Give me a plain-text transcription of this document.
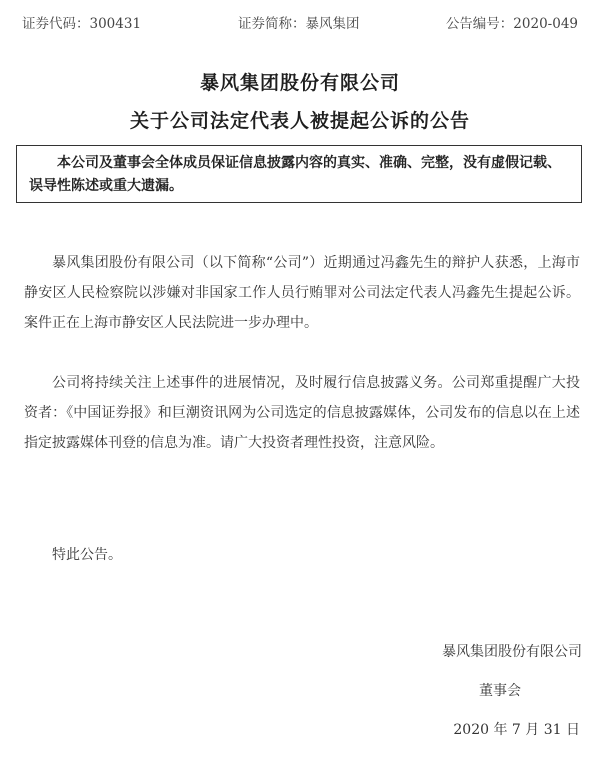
证券代码：300431	证券简称：暴风集团	公告编号：2020-049
暴风集团股份有限公司
关于公司法定代表人被提起公诉的公告
本公司及董事会全体成员保证信息披露内容的真实、准确、完整，没有虚假记载、误导性陈述或重大遗漏。
暴风集团股份有限公司（以下简称“公司”）近期通过冯鑫先生的辩护人获悉，上海市静安区人民检察院以涉嫌对非国家工作人员行贿罪对公司法定代表人冯鑫先生提起公诉。案件正在上海市静安区人民法院进一步办理中。
公司将持续关注上述事件的进展情况，及时履行信息披露义务。公司郑重提醒广大投资者：《中国证券报》和巨潮资讯网为公司选定的信息披露媒体，公司发布的信息以在上述指定披露媒体刊登的信息为准。请广大投资者理性投资，注意风险。
特此公告。
暴风集团股份有限公司
董事会
2020 年 7 月 31 日
